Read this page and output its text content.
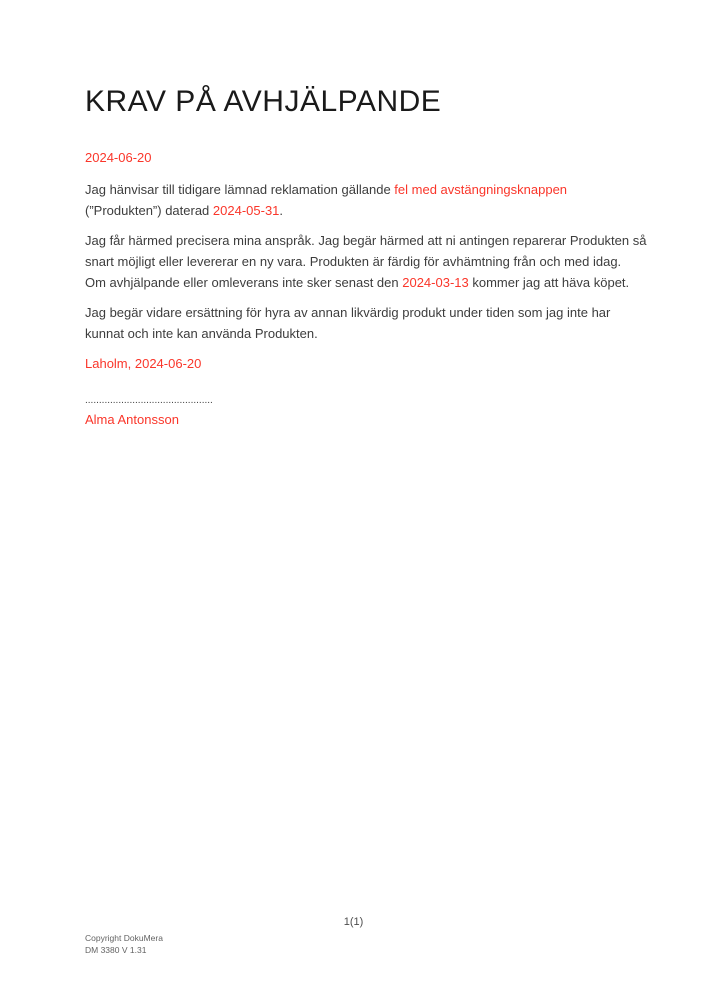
KRAV PÅ AVHJÄLPANDE
2024-06-20
Jag hänvisar till tidigare lämnad reklamation gällande fel med avstängningsknappen
(”Produkten”) daterad 2024-05-31.
Jag får härmed precisera mina anspråk. Jag begär härmed att ni antingen reparerar Produkten så
snart möjligt eller levererar en ny vara. Produkten är färdig för avhämtning från och med idag.
Om avhjälpande eller omleverans inte sker senast den 2024-03-13 kommer jag att häva köpet.
Jag begär vidare ersättning för hyra av annan likvärdig produkt under tiden som jag inte har
kunnat och inte kan använda Produkten.
Laholm, 2024-06-20
..............................................
Alma Antonsson
1(1)
Copyright DokuMera
DM 3380 V 1.31
